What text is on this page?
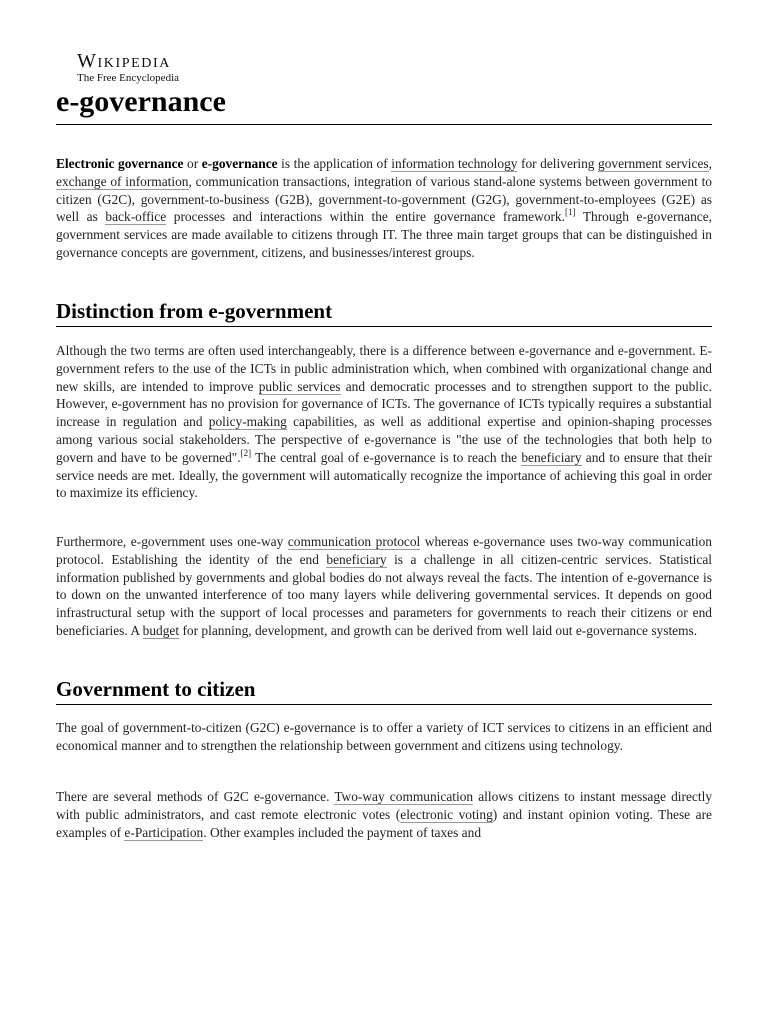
Wikipedia
The Free Encyclopedia
e-governance

Electronic governance or e-governance is the application of information technology for delivering government services, exchange of information, communication transactions, integration of various stand-alone systems between government to citizen (G2C), government-to-business (G2B), government-to-government (G2G), government-to-employees (G2E) as well as back-office processes and interactions within the entire governance framework.[1] Through e-governance, government services are made available to citizens through IT. The three main target groups that can be distinguished in governance concepts are government, citizens, and businesses/interest groups.

Distinction from e-government

Although the two terms are often used interchangeably, there is a difference between e-governance and e-government. E-government refers to the use of the ICTs in public administration which, when combined with organizational change and new skills, are intended to improve public services and democratic processes and to strengthen support to the public. However, e-government has no provision for governance of ICTs. The governance of ICTs typically requires a substantial increase in regulation and policy-making capabilities, as well as additional expertise and opinion-shaping processes among various social stakeholders. The perspective of e-governance is "the use of the technologies that both help to govern and have to be governed".[2] The central goal of e-governance is to reach the beneficiary and to ensure that their service needs are met. Ideally, the government will automatically recognize the importance of achieving this goal in order to maximize its efficiency.

Furthermore, e-government uses one-way communication protocol whereas e-governance uses two-way communication protocol. Establishing the identity of the end beneficiary is a challenge in all citizen-centric services. Statistical information published by governments and global bodies do not always reveal the facts. The intention of e-governance is to down on the unwanted interference of too many layers while delivering governmental services. It depends on good infrastructural setup with the support of local processes and parameters for governments to reach their citizens or end beneficiaries. A budget for planning, development, and growth can be derived from well laid out e-governance systems.

Government to citizen

The goal of government-to-citizen (G2C) e-governance is to offer a variety of ICT services to citizens in an efficient and economical manner and to strengthen the relationship between government and citizens using technology.

There are several methods of G2C e-governance. Two-way communication allows citizens to instant message directly with public administrators, and cast remote electronic votes (electronic voting) and instant opinion voting. These are examples of e-Participation. Other examples included the payment of taxes and
